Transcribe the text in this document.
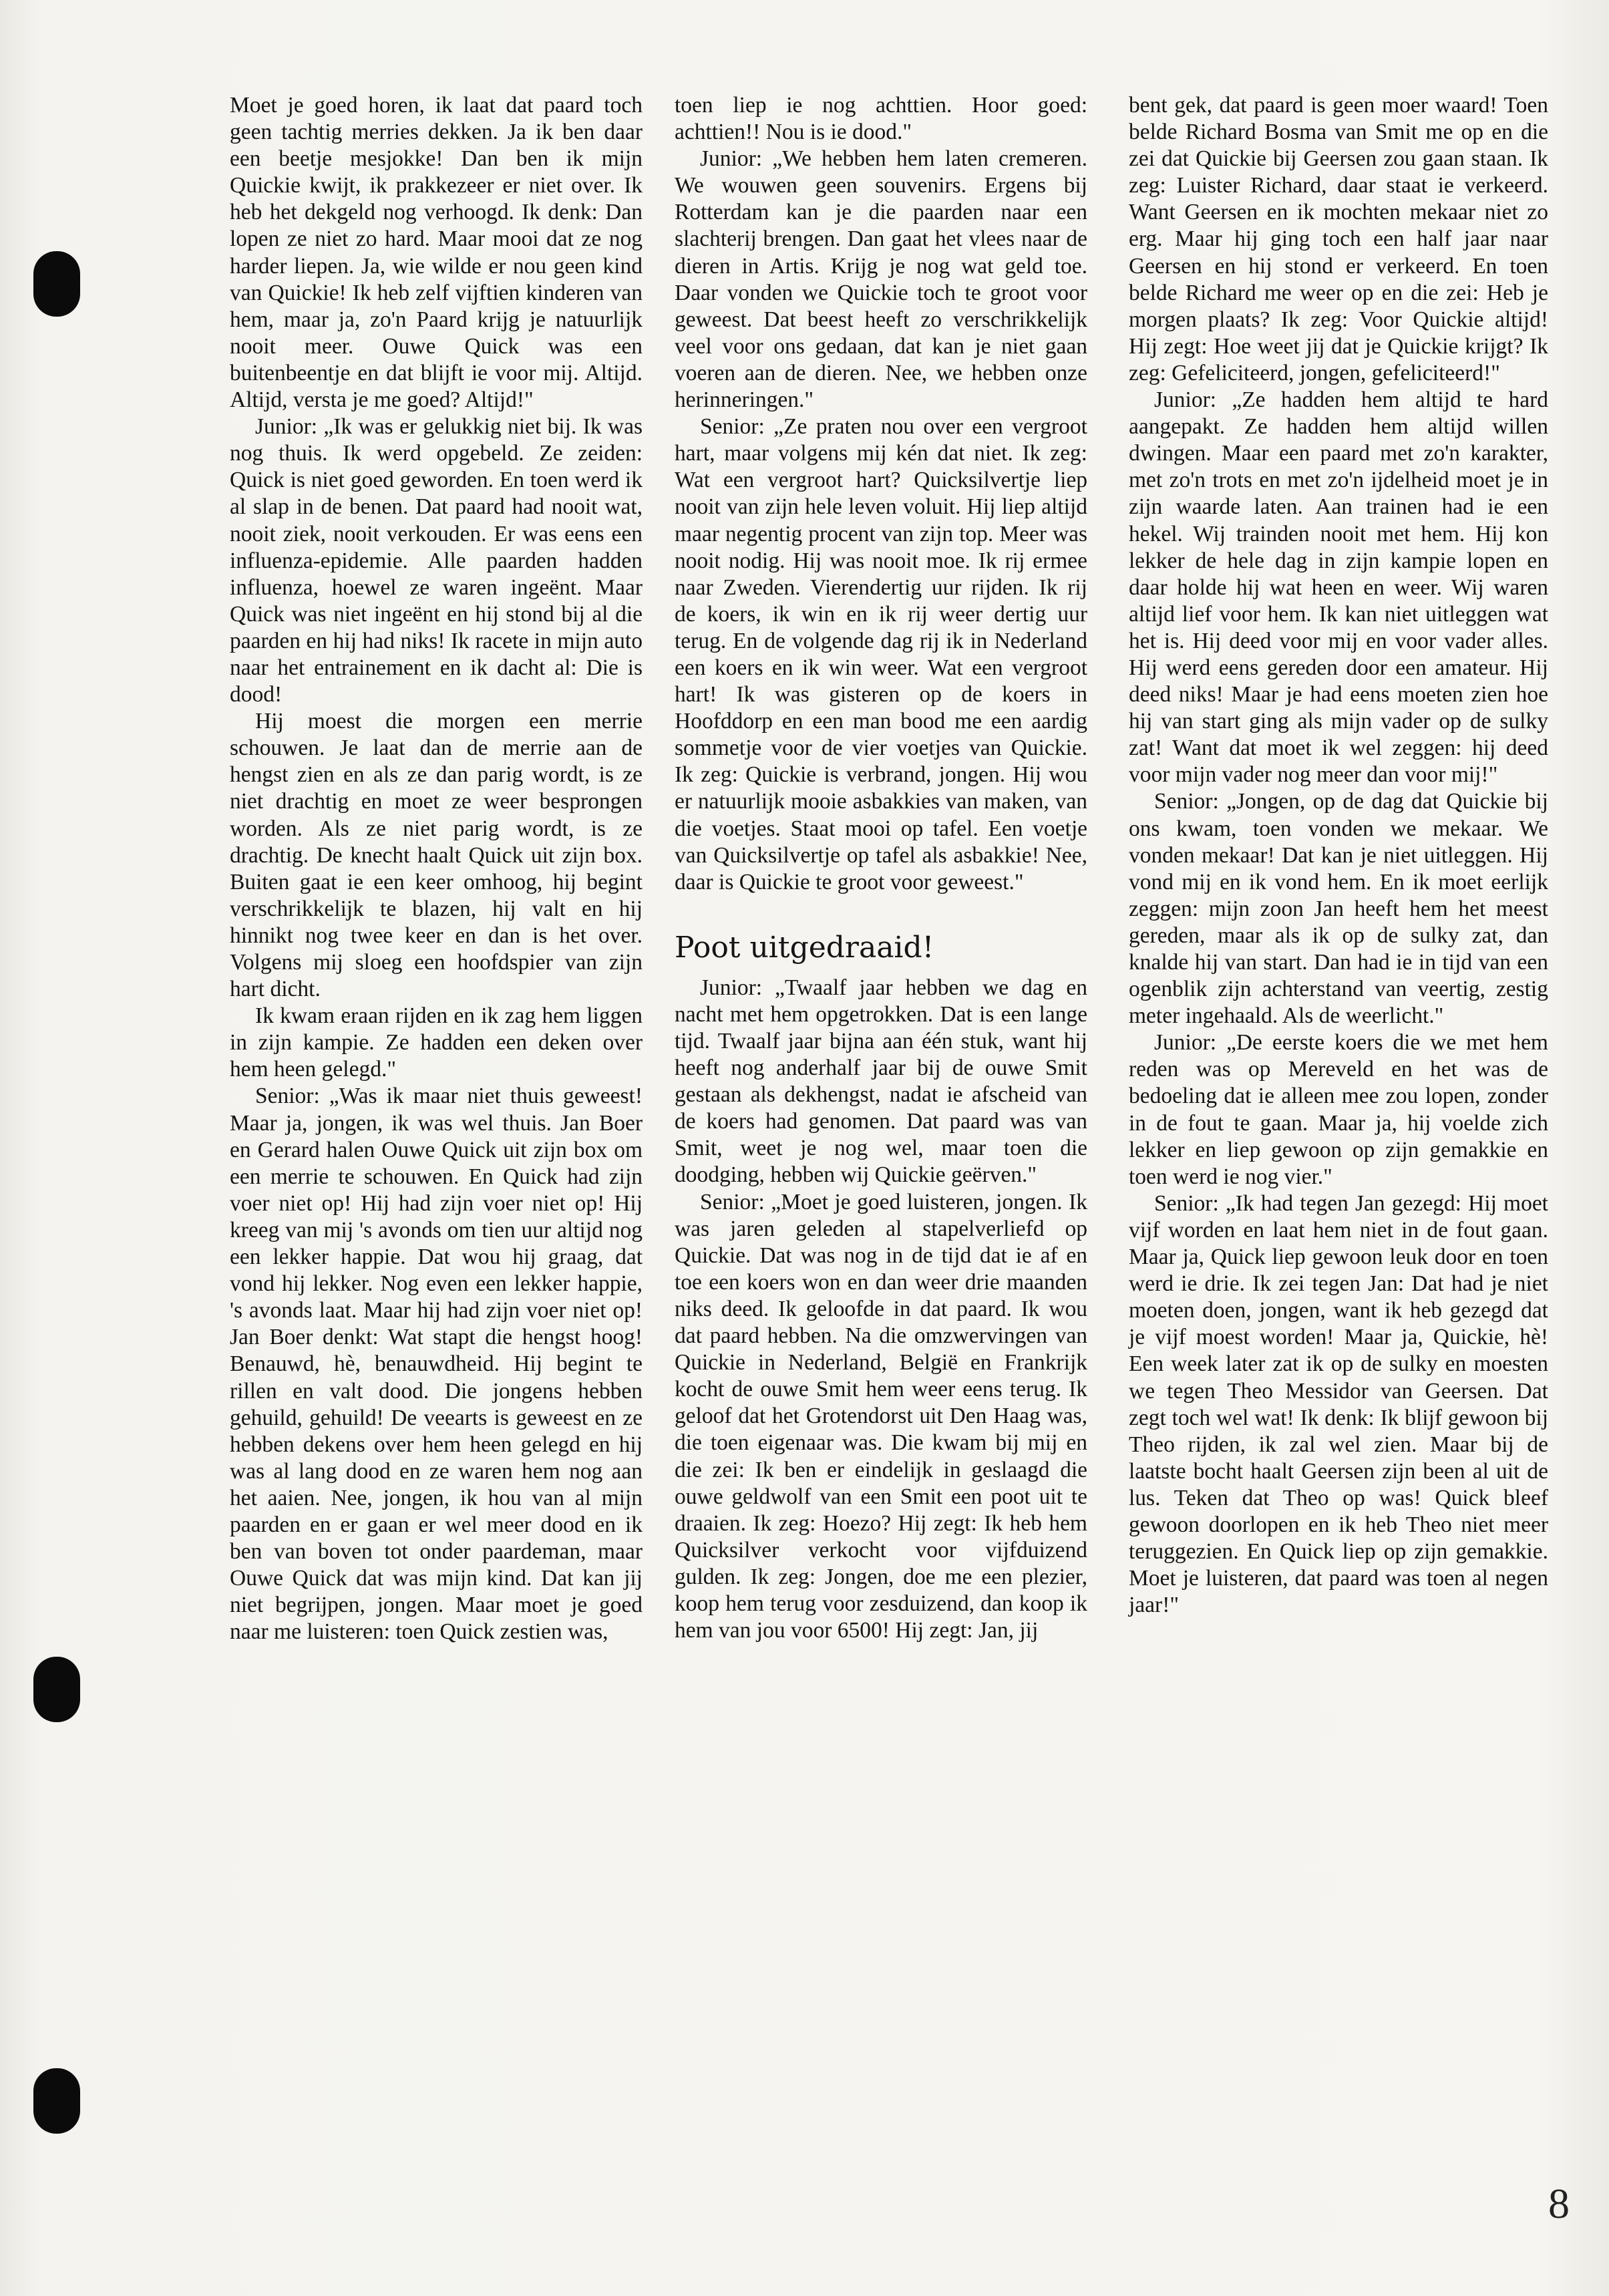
Moet je goed horen, ik laat dat paard toch geen tachtig merries dekken. Ja ik ben daar een beetje mesjokke! Dan ben ik mijn Quickie kwijt, ik prakkezeer er niet over. Ik heb het dekgeld nog verhoogd. Ik denk: Dan lopen ze niet zo hard. Maar mooi dat ze nog harder liepen. Ja, wie wilde er nou geen kind van Quickie! Ik heb zelf vijftien kinderen van hem, maar ja, zo'n Paard krijg je natuurlijk nooit meer. Ouwe Quick was een buitenbeentje en dat blijft ie voor mij. Altijd. Altijd, versta je me goed? Altijd!"

Junior: „Ik was er gelukkig niet bij. Ik was nog thuis. Ik werd opgebeld. Ze zeiden: Quick is niet goed geworden. En toen werd ik al slap in de benen. Dat paard had nooit wat, nooit ziek, nooit verkouden. Er was eens een influenza-epidemie. Alle paarden hadden influenza, hoewel ze waren ingeënt. Maar Quick was niet ingeënt en hij stond bij al die paarden en hij had niks! Ik racete in mijn auto naar het entrainement en ik dacht al: Die is dood!

Hij moest die morgen een merrie schouwen. Je laat dan de merrie aan de hengst zien en als ze dan parig wordt, is ze niet drachtig en moet ze weer besprongen worden. Als ze niet parig wordt, is ze drachtig. De knecht haalt Quick uit zijn box. Buiten gaat ie een keer omhoog, hij begint verschrikkelijk te blazen, hij valt en hij hinnikt nog twee keer en dan is het over. Volgens mij sloeg een hoofdspier van zijn hart dicht.

Ik kwam eraan rijden en ik zag hem liggen in zijn kampie. Ze hadden een deken over hem heen gelegd."

Senior: „Was ik maar niet thuis geweest! Maar ja, jongen, ik was wel thuis. Jan Boer en Gerard halen Ouwe Quick uit zijn box om een merrie te schouwen. En Quick had zijn voer niet op! Hij had zijn voer niet op! Hij kreeg van mij 's avonds om tien uur altijd nog een lekker happie. Dat wou hij graag, dat vond hij lekker. Nog even een lekker happie, 's avonds laat. Maar hij had zijn voer niet op! Jan Boer denkt: Wat stapt die hengst hoog! Benauwd, hè, benauwdheid. Hij begint te rillen en valt dood. Die jongens hebben gehuild, gehuild! De veearts is geweest en ze hebben dekens over hem heen gelegd en hij was al lang dood en ze waren hem nog aan het aaien. Nee, jongen, ik hou van al mijn paarden en er gaan er wel meer dood en ik ben van boven tot onder paardeman, maar Ouwe Quick dat was mijn kind. Dat kan jij niet begrijpen, jongen. Maar moet je goed naar me luisteren: toen Quick zestien was,

toen liep ie nog achttien. Hoor goed: achttien!! Nou is ie dood."

Junior: „We hebben hem laten cremeren. We wouwen geen souvenirs. Ergens bij Rotterdam kan je die paarden naar een slachterij brengen. Dan gaat het vlees naar de dieren in Artis. Krijg je nog wat geld toe. Daar vonden we Quickie toch te groot voor geweest. Dat beest heeft zo verschrikkelijk veel voor ons gedaan, dat kan je niet gaan voeren aan de dieren. Nee, we hebben onze herinneringen."

Senior: „Ze praten nou over een vergroot hart, maar volgens mij kén dat niet. Ik zeg: Wat een vergroot hart? Quicksilvertje liep nooit van zijn hele leven voluit. Hij liep altijd maar negentig procent van zijn top. Meer was nooit nodig. Hij was nooit moe. Ik rij ermee naar Zweden. Vierendertig uur rijden. Ik rij de koers, ik win en ik rij weer dertig uur terug. En de volgende dag rij ik in Nederland een koers en ik win weer. Wat een vergroot hart! Ik was gisteren op de koers in Hoofddorp en een man bood me een aardig sommetje voor de vier voetjes van Quickie. Ik zeg: Quickie is verbrand, jongen. Hij wou er natuurlijk mooie asbakkies van maken, van die voetjes. Staat mooi op tafel. Een voetje van Quicksilvertje op tafel als asbakkie! Nee, daar is Quickie te groot voor geweest."

Poot uitgedraaid!

Junior: „Twaalf jaar hebben we dag en nacht met hem opgetrokken. Dat is een lange tijd. Twaalf jaar bijna aan één stuk, want hij heeft nog anderhalf jaar bij de ouwe Smit gestaan als dekhengst, nadat ie afscheid van de koers had genomen. Dat paard was van Smit, weet je nog wel, maar toen die doodging, hebben wij Quickie geërven."

Senior: „Moet je goed luisteren, jongen. Ik was jaren geleden al stapelverliefd op Quickie. Dat was nog in de tijd dat ie af en toe een koers won en dan weer drie maanden niks deed. Ik geloofde in dat paard. Ik wou dat paard hebben. Na die omzwervingen van Quickie in Nederland, België en Frankrijk kocht de ouwe Smit hem weer eens terug. Ik geloof dat het Grotendorst uit Den Haag was, die toen eigenaar was. Die kwam bij mij en die zei: Ik ben er eindelijk in geslaagd die ouwe geldwolf van een Smit een poot uit te draaien. Ik zeg: Hoezo? Hij zegt: Ik heb hem Quicksilver verkocht voor vijfduizend gulden. Ik zeg: Jongen, doe me een plezier, koop hem terug voor zesduizend, dan koop ik hem van jou voor 6500! Hij zegt: Jan, jij

bent gek, dat paard is geen moer waard! Toen belde Richard Bosma van Smit me op en die zei dat Quickie bij Geersen zou gaan staan. Ik zeg: Luister Richard, daar staat ie verkeerd. Want Geersen en ik mochten mekaar niet zo erg. Maar hij ging toch een half jaar naar Geersen en hij stond er verkeerd. En toen belde Richard me weer op en die zei: Heb je morgen plaats? Ik zeg: Voor Quickie altijd! Hij zegt: Hoe weet jij dat je Quickie krijgt? Ik zeg: Gefeliciteerd, jongen, gefeliciteerd!"

Junior: „Ze hadden hem altijd te hard aangepakt. Ze hadden hem altijd willen dwingen. Maar een paard met zo'n karakter, met zo'n trots en met zo'n ijdelheid moet je in zijn waarde laten. Aan trainen had ie een hekel. Wij trainden nooit met hem. Hij kon lekker de hele dag in zijn kampie lopen en daar holde hij wat heen en weer. Wij waren altijd lief voor hem. Ik kan niet uitleggen wat het is. Hij deed voor mij en voor vader alles. Hij werd eens gereden door een amateur. Hij deed niks! Maar je had eens moeten zien hoe hij van start ging als mijn vader op de sulky zat! Want dat moet ik wel zeggen: hij deed voor mijn vader nog meer dan voor mij!"

Senior: „Jongen, op de dag dat Quickie bij ons kwam, toen vonden we mekaar. We vonden mekaar! Dat kan je niet uitleggen. Hij vond mij en ik vond hem. En ik moet eerlijk zeggen: mijn zoon Jan heeft hem het meest gereden, maar als ik op de sulky zat, dan knalde hij van start. Dan had ie in tijd van een ogenblik zijn achterstand van veertig, zestig meter ingehaald. Als de weerlicht."

Junior: „De eerste koers die we met hem reden was op Mereveld en het was de bedoeling dat ie alleen mee zou lopen, zonder in de fout te gaan. Maar ja, hij voelde zich lekker en liep gewoon op zijn gemakkie en toen werd ie nog vier."

Senior: „Ik had tegen Jan gezegd: Hij moet vijf worden en laat hem niet in de fout gaan. Maar ja, Quick liep gewoon leuk door en toen werd ie drie. Ik zei tegen Jan: Dat had je niet moeten doen, jongen, want ik heb gezegd dat je vijf moest worden! Maar ja, Quickie, hè! Een week later zat ik op de sulky en moesten we tegen Theo Messidor van Geersen. Dat zegt toch wel wat! Ik denk: Ik blijf gewoon bij Theo rijden, ik zal wel zien. Maar bij de laatste bocht haalt Geersen zijn been al uit de lus. Teken dat Theo op was! Quick bleef gewoon doorlopen en ik heb Theo niet meer teruggezien. En Quick liep op zijn gemakkie. Moet je luisteren, dat paard was toen al negen jaar!"

8
